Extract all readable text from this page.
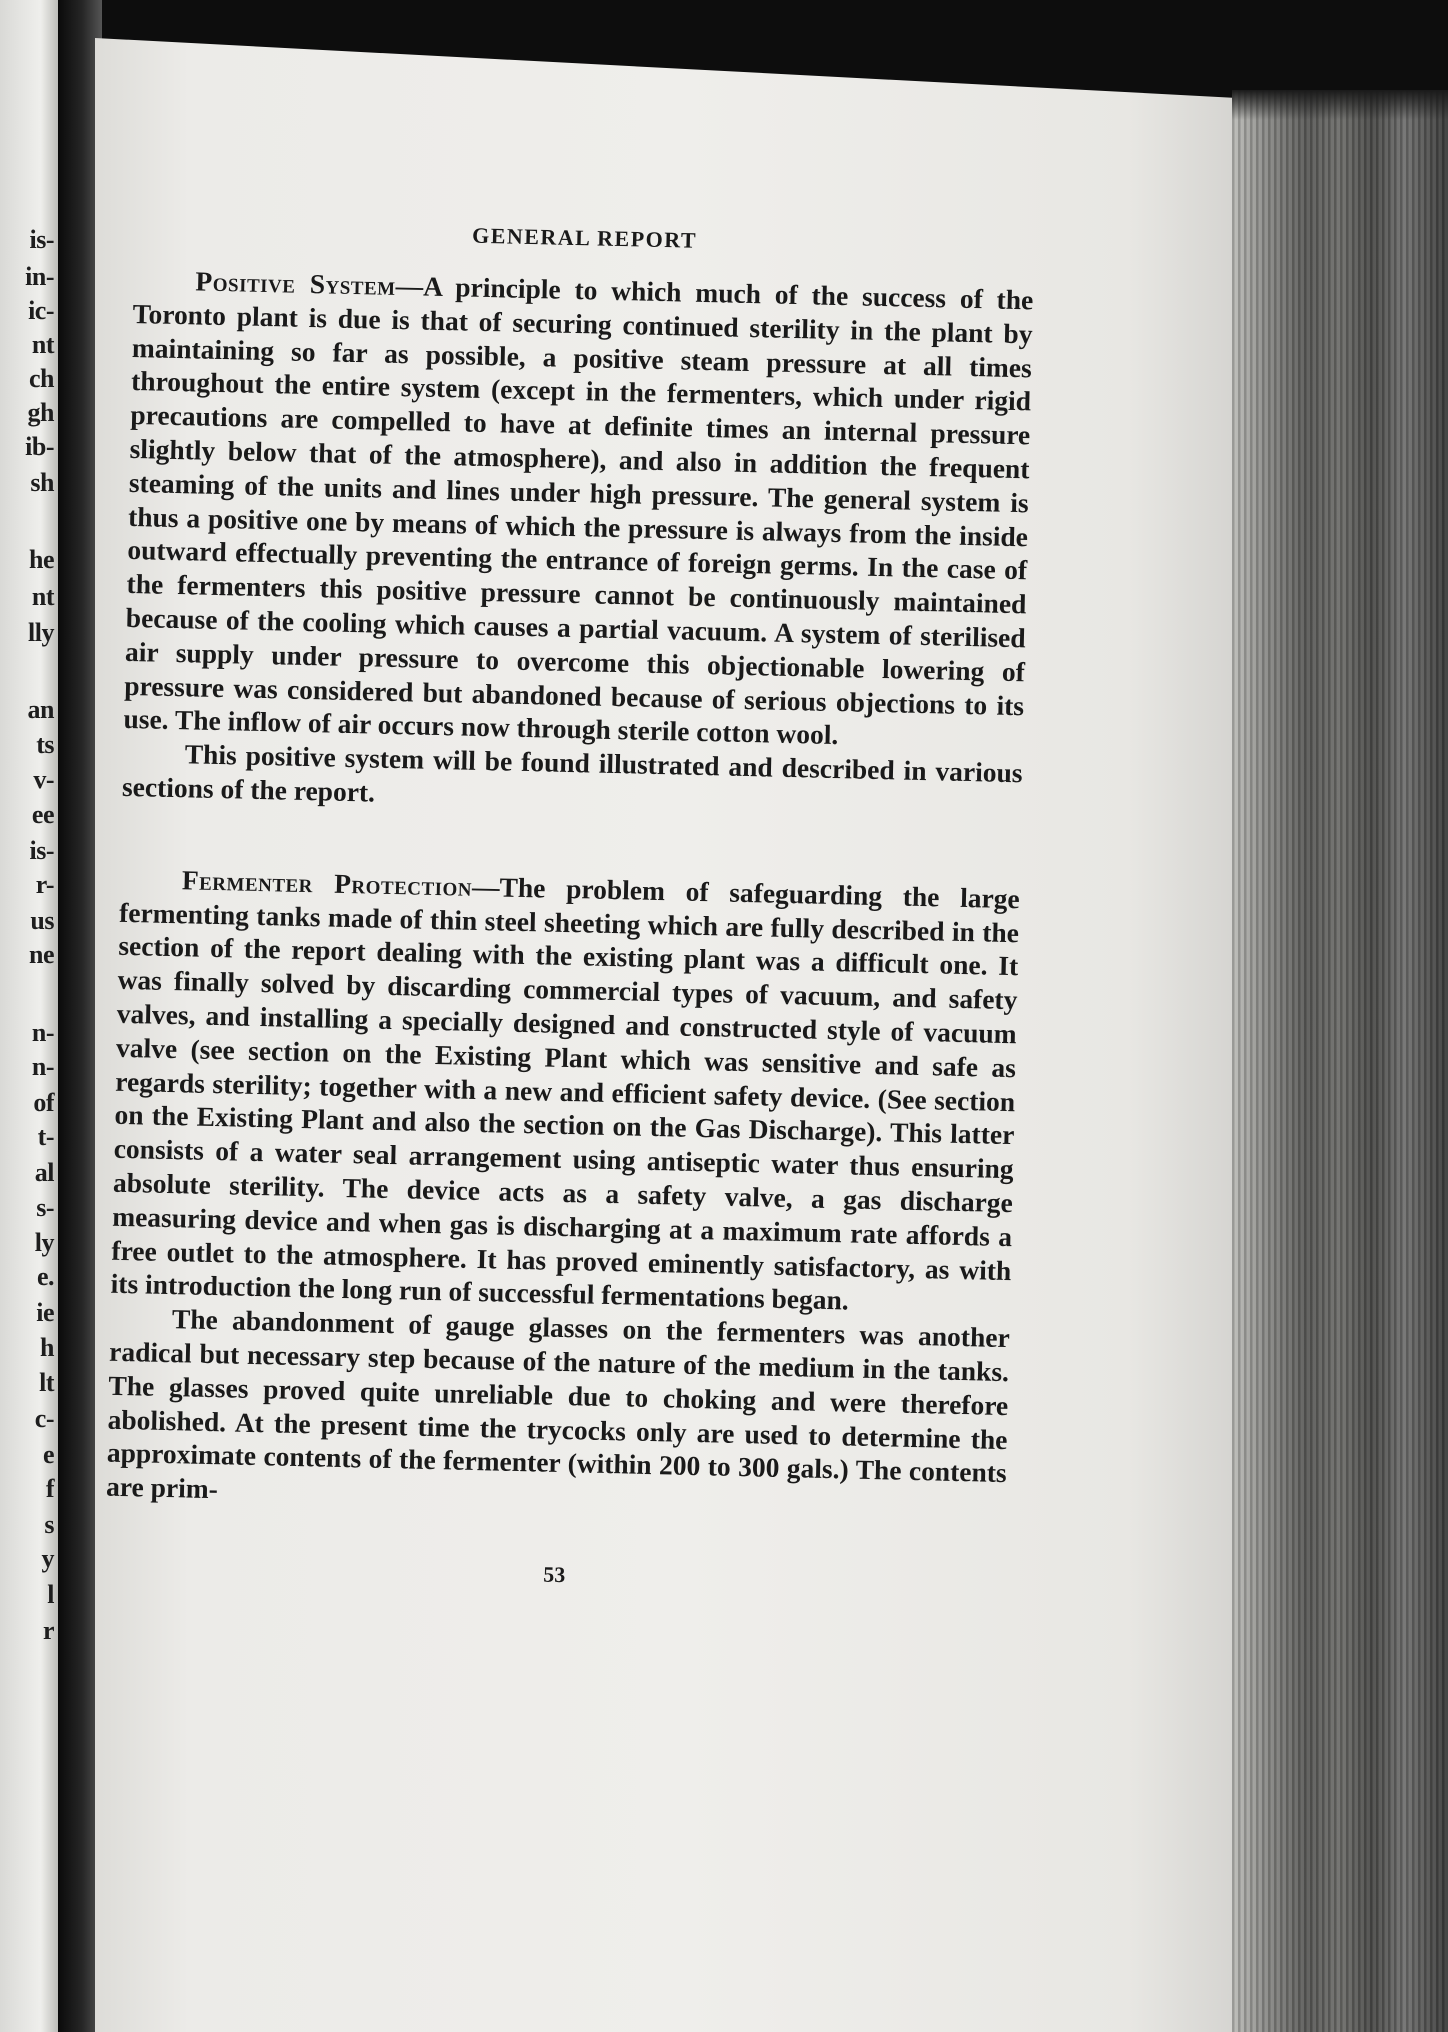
is-
in-
ic-
nt
ch
gh
ib-
sh
he
nt
lly
an
ts
v-
ee
is-
r-
us
ne
n-
n-
of
t-
al
s-
ly
e.
ie
h
lt
c-
e
f
s
y
l
r
GENERAL REPORT

Positive System—A principle to which much of the success of the Toronto plant is due is that of securing continued sterility in the plant by maintaining so far as possible, a positive steam pressure at all times throughout the entire system (except in the fermenters, which under rigid precautions are compelled to have at definite times an internal pressure slightly below that of the atmosphere), and also in addition the frequent steaming of the units and lines under high pressure. The general system is thus a positive one by means of which the pressure is always from the inside outward effectually preventing the entrance of foreign germs. In the case of the fermenters this positive pressure cannot be continuously maintained because of the cooling which causes a partial vacuum. A system of sterilised air supply under pressure to overcome this objectionable lowering of pressure was considered but abandoned because of serious objections to its use. The inflow of air occurs now through sterile cotton wool.

This positive system will be found illustrated and described in various sections of the report.

Fermenter Protection—The problem of safeguarding the large fermenting tanks made of thin steel sheeting which are fully described in the section of the report dealing with the existing plant was a difficult one. It was finally solved by discarding commercial types of vacuum, and safety valves, and installing a specially designed and constructed style of vacuum valve (see section on the Existing Plant which was sensitive and safe as regards sterility; together with a new and efficient safety device. (See section on the Existing Plant and also the section on the Gas Discharge). This latter consists of a water seal arrangement using antiseptic water thus ensuring absolute sterility. The device acts as a safety valve, a gas discharge measuring device and when gas is discharging at a maximum rate affords a free outlet to the atmosphere. It has proved eminently satisfactory, as with its introduction the long run of successful fermentations began.

The abandonment of gauge glasses on the fermenters was another radical but necessary step because of the nature of the medium in the tanks. The glasses proved quite unreliable due to choking and were therefore abolished. At the present time the trycocks only are used to determine the approximate contents of the fermenter (within 200 to 300 gals.) The contents are prim-

53
